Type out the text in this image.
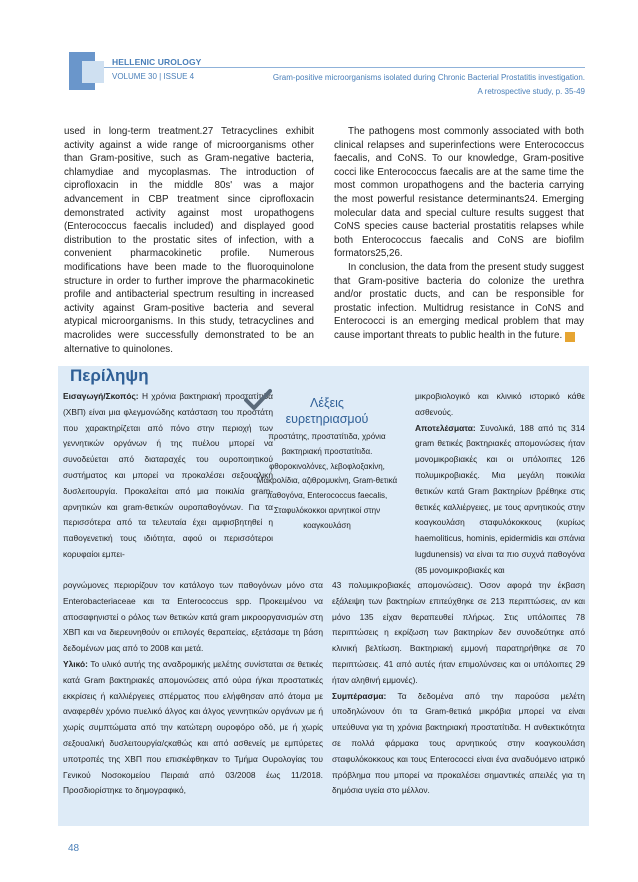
HELLENIC UROLOGY
VOLUME 30 | ISSUE 4	Gram-positive microorganisms isolated during Chronic Bacterial Prostatitis investigation.
A retrospective study, p. 35-49

used in long-term treatment.27 Tetracyclines exhibit activity against a wide range of microorganisms other than Gram-positive, such as Gram-negative bacteria, chlamydiae and mycoplasmas. The introduction of ciprofloxacin in the middle 80s' was a major advancement in CBP treatment since ciprofloxacin demonstrated activity against most uropathogens (Enterococcus faecalis included) and displayed good distribution to the prostatic sites of infection, with a convenient pharmacokinetic profile. Numerous modifications have been made to the fluoroquinolone structure in order to further improve the pharmacokinetic profile and antibacterial spectrum resulting in increased activity against Gram-positive bacteria and several atypical microorganisms. In this study, tetracyclines and macrolides were successfully demonstrated to be an alternative to quinolones.

The pathogens most commonly associated with both clinical relapses and superinfections were Enterococcus faecalis, and CoNS. To our knowledge, Gram-positive cocci like Enterococcus faecalis are at the same time the most common uropathogens and the bacteria carrying the most powerful resistance determinants24. Emerging molecular data and special culture results suggest that CoNS species cause bacterial prostatitis relapses while both Enterococcus faecalis and CoNS are biofilm formators25,26.

In conclusion, the data from the present study suggest that Gram-positive bacteria do colonize the urethra and/or prostatic ducts, and can be responsible for prostatic infection. Multidrug resistance in CoNS and Enterococci is an emerging medical problem that may cause important threats to public health in the future. U

Περίληψη

Εισαγωγή/Σκοπός: Η χρόνια βακτηριακή προστατίτιδα (ΧΒΠ) είναι μια φλεγμονώδης κατάσταση του προστάτη που χαρακτηρίζεται από πόνο στην περιοχή των γεννητικών οργάνων ή της πυέλου μπορεί να συνοδεύεται από διαταραχές του ουροποιητικού συστήματος και μπορεί να προκαλέσει σεξουαλική δυσλειτουργία. Προκαλείται από μια ποικιλία gram-αρνητικών και gram-θετικών ουροπαθογόνων. Για τα περισσότερα από τα τελευταία έχει αμφισβητηθεί η παθογενετική τους ιδιότητα, αφού οι περισσότεροι κορυφαίοι εμπει-

Λέξεις
ευρετηριασμού
προστάτης, προστατίτιδα, χρόνια βακτηριακή προστατίτιδα. φθοροκινολόνες, λεβοφλοξακίνη, Μακρολίδια, αζιθρομυκίνη, Gram-θετικά παθογόνα, Enterococcus faecalis, Σταφυλόκοκκοι αρνητικοί στην κοαγκουλάση

μικροβιολογικό και κλινικό ιστορικό κάθε ασθενούς.

Αποτελέσματα: Συνολικά, 188 από τις 314 gram θετικές βακτηριακές απομονώσεις ήταν μονομικροβιακές και οι υπόλοιπες 126 πολυμικροβιακές. Μια μεγάλη ποικιλία θετικών κατά Gram βακτηρίων βρέθηκε στις θετικές καλλιέργειες, με τους αρνητικούς στην κοαγκουλάση σταφυλόκοκκους (κυρίως haemoliticus, hominis, epidermidis και σπάνια lugdunensis) να είναι τα πιο συχνά παθογόνα (85 μονομικροβιακές και

ρογνώμονες περιορίζουν τον κατάλογο των παθογόνων μόνο στα Enterobacteriaceae και τα Enterococcus spp. Προκειμένου να αποσαφηνιστεί ο ρόλος των θετικών κατά gram μικροοργανισμών στη ΧΒΠ και να διερευνηθούν οι επιλογές θεραπείας, εξετάσαμε τη βάση δεδομένων μας από το 2008 και μετά.

Υλικό: Το υλικό αυτής της αναδρομικής μελέτης συνίσταται σε θετικές κατά Gram βακτηριακές απομονώσεις από ούρα ή/και προστατικές εκκρίσεις ή καλλιέργειες σπέρματος που ελήφθησαν από άτομα με αναφερθέν χρόνιο πυελικό άλγος και άλγος γεννητικών οργάνων με ή χωρίς συμπτώματα από την κατώτερη ουροφόρο οδό, με ή χωρίς σεξουαλική δυσλειτουργία/ςκαθώς και από ασθενείς με εμπύρετες υποτροπές της ΧΒΠ που επισκέφθηκαν το Τμήμα Ουρολογίας του Γενικού Νοσοκομείου Πειραιά από 03/2008 έως 11/2018. Προσδιορίστηκε το δημογραφικό,

43 πολυμικροβιακές απομονώσεις). Όσον αφορά την έκβαση εξάλειψη των βακτηρίων επιτεύχθηκε σε 213 περιπτώσεις, αν και μόνο 135 είχαν θεραπευθεί πλήρως. Στις υπόλοιπες 78 περιπτώσεις η εκρίζωση των βακτηρίων δεν συνοδεύτηκε από κλινική βελτίωση. Βακτηριακή εμμονή παρατηρήθηκε σε 70 περιπτώσεις. 41 από αυτές ήταν επιμολύνσεις και οι υπόλοιπες 29 ήταν αληθινή εμμονές).

Συμπέρασμα: Τα δεδομένα από την παρούσα μελέτη υποδηλώνουν ότι τα Gram-θετικά μικρόβια μπορεί να είναι υπεύθυνα για τη χρόνια βακτηριακή προστατίτιδα. Η ανθεκτικότητα σε πολλά φάρμακα τους αρνητικούς στην κοαγκουλάση σταφυλόκοκκους και τους Enterococci είναι ένα αναδυόμενο ιατρικό πρόβλημα που μπορεί να προκαλέσει σημαντικές απειλές για τη δημόσια υγεία στο μέλλον.

48
